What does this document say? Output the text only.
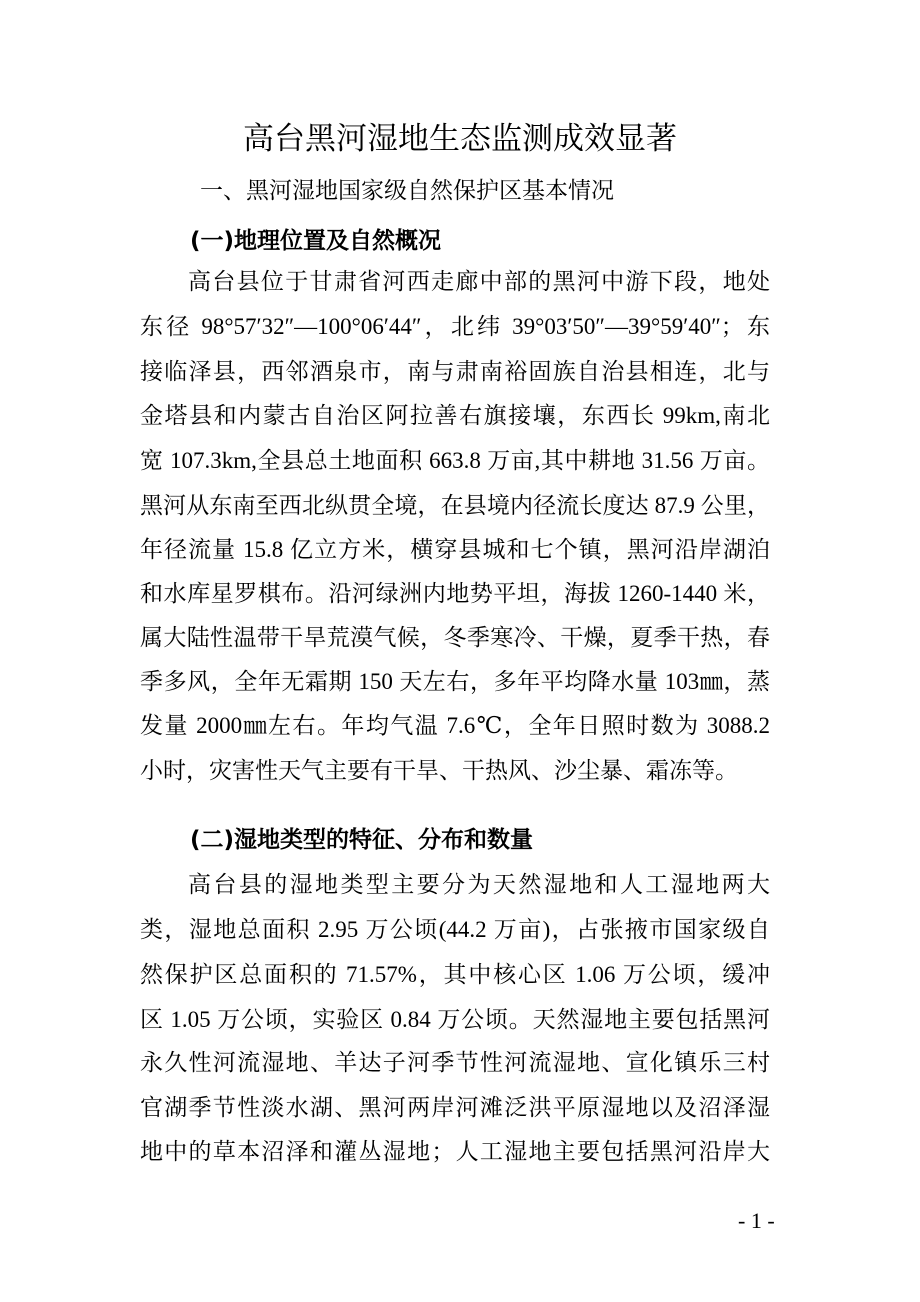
高台黑河湿地生态监测成效显著
一、黑河湿地国家级自然保护区基本情况
(一)地理位置及自然概况
高台县位于甘肃省河西走廊中部的黑河中游下段，地处
东径 98°57′32″—100°06′44″，北纬 39°03′50″—39°59′40″；东
接临泽县，西邻酒泉市，南与肃南裕固族自治县相连，北与
金塔县和内蒙古自治区阿拉善右旗接壤，东西长 99km,南北
宽 107.3km,全县总土地面积 663.8 万亩,其中耕地 31.56 万亩。
黑河从东南至西北纵贯全境，在县境内径流长度达 87.9 公里，
年径流量 15.8 亿立方米，横穿县城和七个镇，黑河沿岸湖泊
和水库星罗棋布。沿河绿洲内地势平坦，海拔 1260-1440 米，
属大陆性温带干旱荒漠气候，冬季寒冷、干燥，夏季干热，春
季多风，全年无霜期 150 天左右，多年平均降水量 103㎜，蒸
发量 2000㎜左右。年均气温 7.6℃，全年日照时数为 3088.2
小时，灾害性天气主要有干旱、干热风、沙尘暴、霜冻等。
(二)湿地类型的特征、分布和数量
高台县的湿地类型主要分为天然湿地和人工湿地两大
类，湿地总面积 2.95 万公顷(44.2 万亩)，占张掖市国家级自
然保护区总面积的 71.57%，其中核心区 1.06 万公顷，缓冲
区 1.05 万公顷，实验区 0.84 万公顷。天然湿地主要包括黑河
永久性河流湿地、羊达子河季节性河流湿地、宣化镇乐三村
官湖季节性淡水湖、黑河两岸河滩泛洪平原湿地以及沼泽湿
地中的草本沼泽和灌丛湿地；人工湿地主要包括黑河沿岸大
- 1 -
